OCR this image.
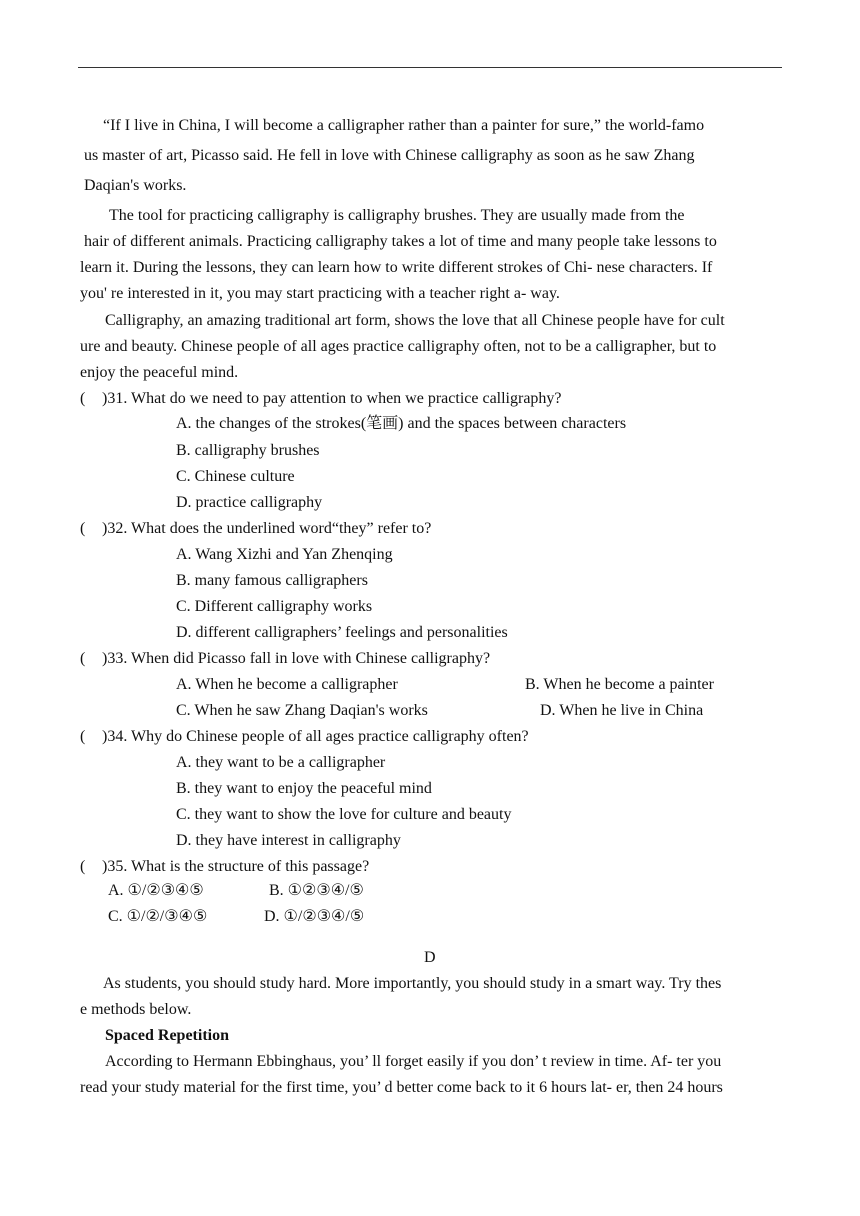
“If I live in China, I will become a calligrapher rather than a painter for sure,” the world-famo
us master of art, Picasso said. He fell in love with Chinese calligraphy as soon as he saw Zhang
Daqian's works.
The tool for practicing calligraphy is calligraphy brushes. They are usually made from the
hair of different animals. Practicing calligraphy takes a lot of time and many people take lessons to
learn it. During the lessons, they can learn how to write different strokes of Chi- nese characters. If
you' re interested in it, you may start practicing with a teacher right a- way.
Calligraphy, an amazing traditional art form, shows the love that all Chinese people have for cult
ure and beauty. Chinese people of all ages practice calligraphy often, not to be a calligrapher, but to
enjoy the peaceful mind.
( )31. What do we need to pay attention to when we practice calligraphy?
A. the changes of the strokes(笔画) and the spaces between characters
B. calligraphy brushes
C. Chinese culture
D. practice calligraphy
( )32. What does the underlined word“they” refer to?
A. Wang Xizhi and Yan Zhenqing
B. many famous calligraphers
C. Different calligraphy works
D. different calligraphers’ feelings and personalities
( )33. When did Picasso fall in love with Chinese calligraphy?
A. When he become a calligrapher	B. When he become a painter
C. When he saw Zhang Daqian's works	D. When he live in China
( )34. Why do Chinese people of all ages practice calligraphy often?
A. they want to be a calligrapher
B. they want to enjoy the peaceful mind
C. they want to show the love for culture and beauty
D. they have interest in calligraphy
( )35. What is the structure of this passage?
A. ①/②③④⑤	B. ①②③④/⑤
C. ①/②/③④⑤	D. ①/②③④/⑤
D
As students, you should study hard. More importantly, you should study in a smart way. Try thes
e methods below.
Spaced Repetition
According to Hermann Ebbinghaus, you’ ll forget easily if you don’ t review in time. Af- ter you
read your study material for the first time, you’ d better come back to it 6 hours lat- er, then 24 hours
